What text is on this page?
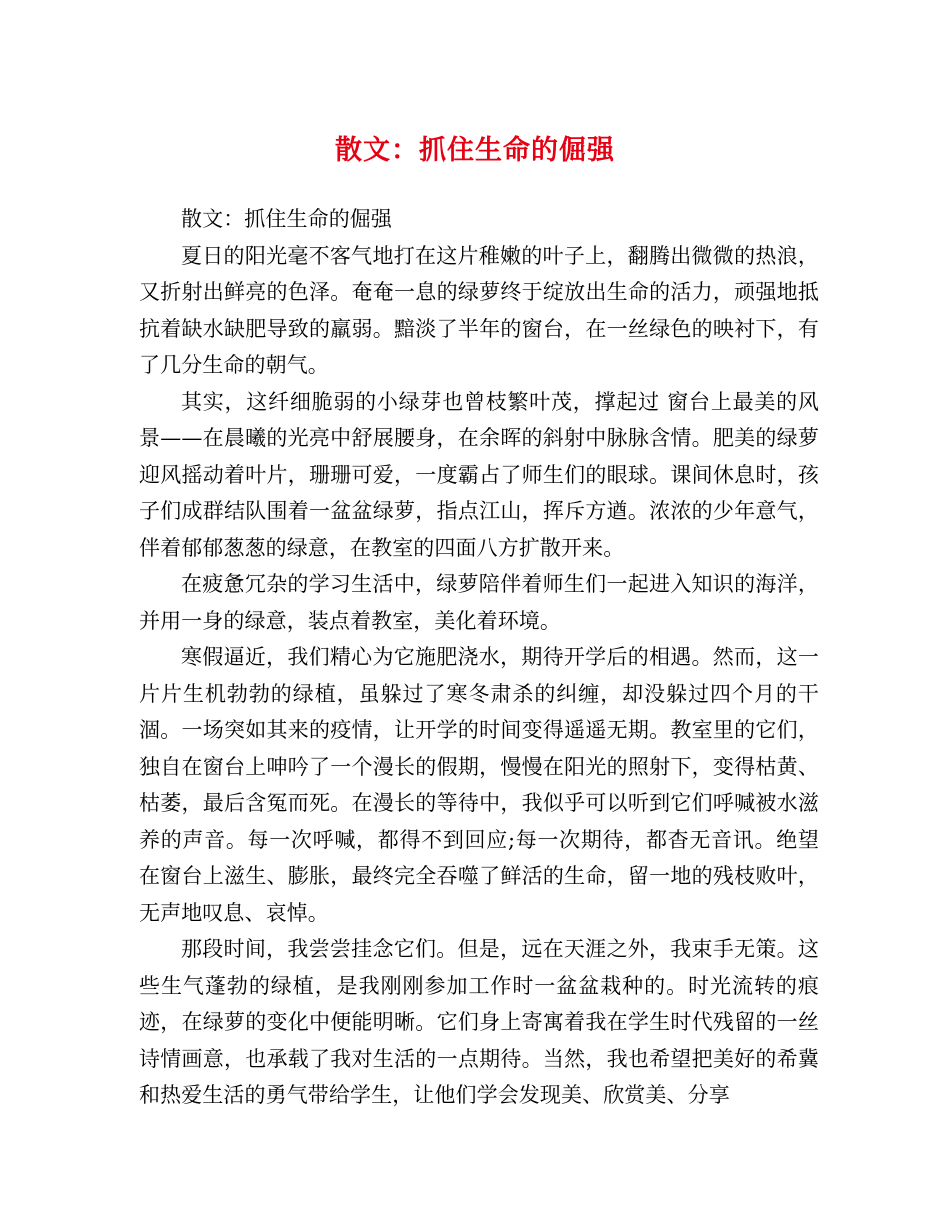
散文：抓住生命的倔强

散文：抓住生命的倔强

夏日的阳光毫不客气地打在这片稚嫩的叶子上，翻腾出微微的热浪，又折射出鲜亮的色泽。奄奄一息的绿萝终于绽放出生命的活力，顽强地抵抗着缺水缺肥导致的羸弱。黯淡了半年的窗台，在一丝绿色的映衬下，有了几分生命的朝气。

其实，这纤细脆弱的小绿芽也曾枝繁叶茂，撑起过 窗台上最美的风景——在晨曦的光亮中舒展腰身，在余晖的斜射中脉脉含情。肥美的绿萝迎风摇动着叶片，珊珊可爱，一度霸占了师生们的眼球。课间休息时，孩子们成群结队围着一盆盆绿萝，指点江山，挥斥方遒。浓浓的少年意气，伴着郁郁葱葱的绿意，在教室的四面八方扩散开来。

在疲惫冗杂的学习生活中，绿萝陪伴着师生们一起进入知识的海洋，并用一身的绿意，装点着教室，美化着环境。

寒假逼近，我们精心为它施肥浇水，期待开学后的相遇。然而，这一片片生机勃勃的绿植，虽躲过了寒冬肃杀的纠缠，却没躲过四个月的干涸。一场突如其来的疫情，让开学的时间变得遥遥无期。教室里的它们，独自在窗台上呻吟了一个漫长的假期，慢慢在阳光的照射下，变得枯黄、枯萎，最后含冤而死。在漫长的等待中，我似乎可以听到它们呼喊被水滋养的声音。每一次呼喊，都得不到回应;每一次期待，都杳无音讯。绝望在窗台上滋生、膨胀，最终完全吞噬了鲜活的生命，留一地的残枝败叶，无声地叹息、哀悼。

那段时间，我尝尝挂念它们。但是，远在天涯之外，我束手无策。这些生气蓬勃的绿植，是我刚刚参加工作时一盆盆栽种的。时光流转的痕迹，在绿萝的变化中便能明晰。它们身上寄寓着我在学生时代残留的一丝诗情画意，也承载了我对生活的一点期待。当然，我也希望把美好的希冀和热爱生活的勇气带给学生，让他们学会发现美、欣赏美、分享
